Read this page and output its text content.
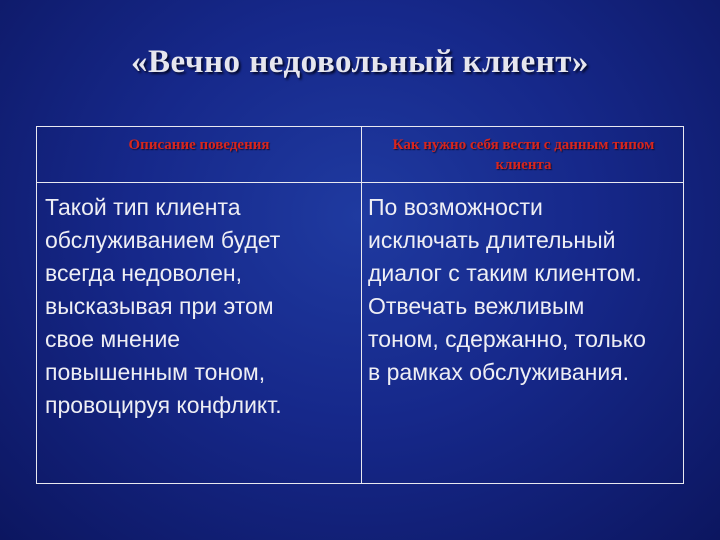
«Вечно недовольный клиент»
Описание поведения	Как нужно себя вести с данным типом клиента
Такой тип клиента
обслуживанием будет
всегда недоволен,
высказывая при этом
свое мнение
повышенным тоном,
провоцируя конфликт.
По возможности
исключать длительный
диалог с таким клиентом.
Отвечать вежливым
тоном, сдержанно, только
в рамках обслуживания.
